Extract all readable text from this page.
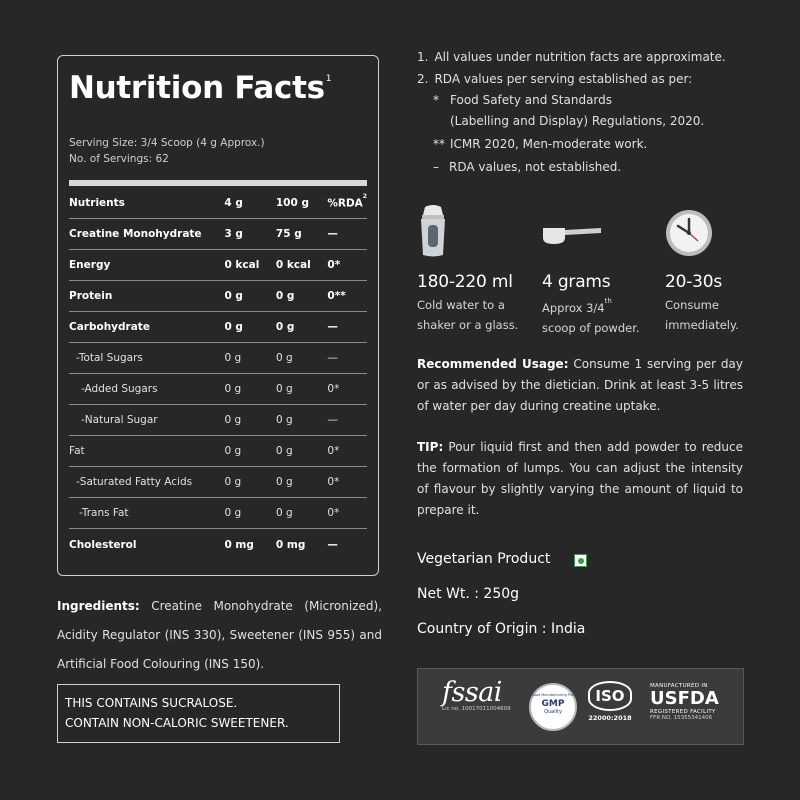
Nutrition Facts$^1$
Serving Size: 3/4 Scoop (4 g Approx.)
No. of Servings: 62
Nutrients	4 g	100 g	%RDA$^2$
Creatine Monohydrate	3 g	75 g	—
Energy	0 kcal	0 kcal	0*
Protein	0 g	0 g	0**
Carbohydrate	0 g	0 g	—
-Total Sugars	0 g	0 g	—
-Added Sugars	0 g	0 g	0*
-Natural Sugar	0 g	0 g	—
Fat	0 g	0 g	0*
-Saturated Fatty Acids	0 g	0 g	0*
-Trans Fat	0 g	0 g	0*
Cholesterol	0 mg	0 mg	—
Ingredients: Creatine Monohydrate (Micronized), Acidity Regulator (INS 330), Sweetener (INS 955) and Artificial Food Colouring (INS 150).
THIS CONTAINS SUCRALOSE.
CONTAIN NON-CALORIC SWEETENER.
1. All values under nutrition facts are approximate.
2. RDA values per serving established as per:
* Food Safety and Standards
(Labelling and Display) Regulations, 2020.
** ICMR 2020, Men-moderate work.
– RDA values, not established.
180-220 ml
Cold water to a
shaker or a glass.
4 grams
Approx 3/4th
scoop of powder.
20-30s
Consume
immediately.
Recommended Usage: Consume 1 serving per day or as advised by the dietician. Drink at least 3-5 litres of water per day during creatine uptake.
TIP: Pour liquid first and then add powder to reduce the formation of lumps. You can adjust the intensity of flavour by slightly varying the amount of liquid to prepare it.
Vegetarian Product
Net Wt. : 250g
Country of Origin : India
fssai
Lic no. 10017011004609
Good Manufacturing Practice
GMP
Quality
ISO
22000:2018
MANUFACTURED IN
USFDA
REGISTERED FACILITY
FFR NO. 15355341406
